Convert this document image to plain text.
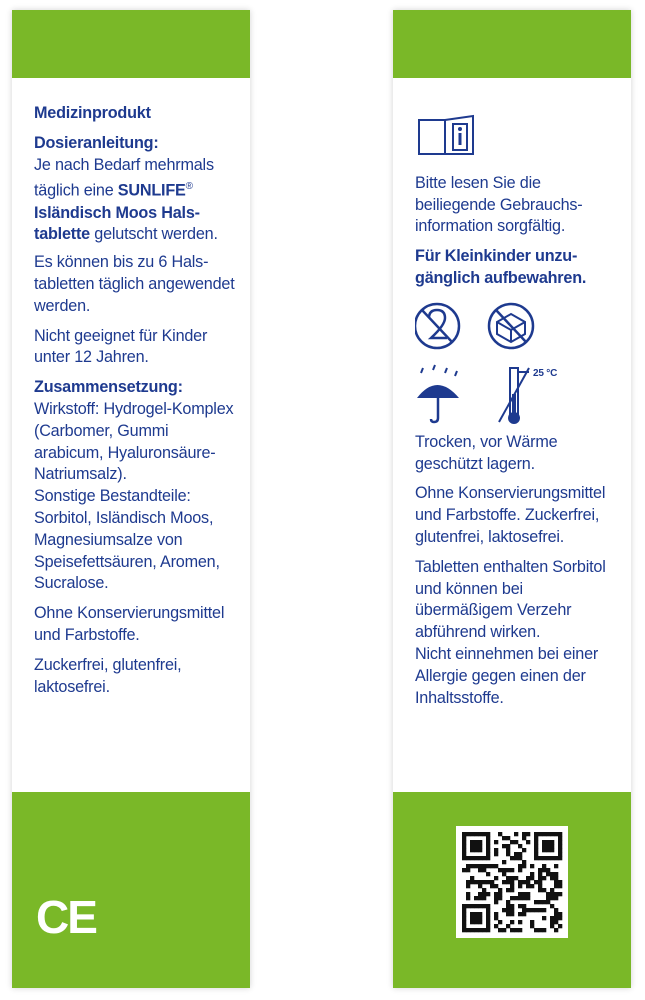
Medizinprodukt

Dosieranleitung:
Je nach Bedarf mehrmals täglich eine SUNLIFE® Isländisch Moos Halstablette gelutscht werden.

Es können bis zu 6 Halstabletten täglich angewendet werden.

Nicht geeignet für Kinder unter 12 Jahren.

Zusammensetzung:

Wirkstoff: Hydrogel-Komplex (Carbomer, Gummi arabicum, Hyaluronsäure-Natriumsalz).

Sonstige Bestandteile: Sorbitol, Isländisch Moos, Magnesiumsalze von Speisefettsäuren, Aromen, Sucralose.

Ohne Konservierungsmittel und Farbstoffe.

Zuckerfrei, glutenfrei, laktosefrei.

CE

Bitte lesen Sie die beiliegende Gebrauchsinformation sorgfältig.

Für Kleinkinder unzugänglich aufbewahren.

25 °C

Trocken, vor Wärme geschützt lagern.

Ohne Konservierungsmittel und Farbstoffe. Zuckerfrei, glutenfrei, laktosefrei.

Tabletten enthalten Sorbitol und können bei übermäßigem Verzehr abführend wirken.

Nicht einnehmen bei einer Allergie gegen einen der Inhaltsstoffe.
